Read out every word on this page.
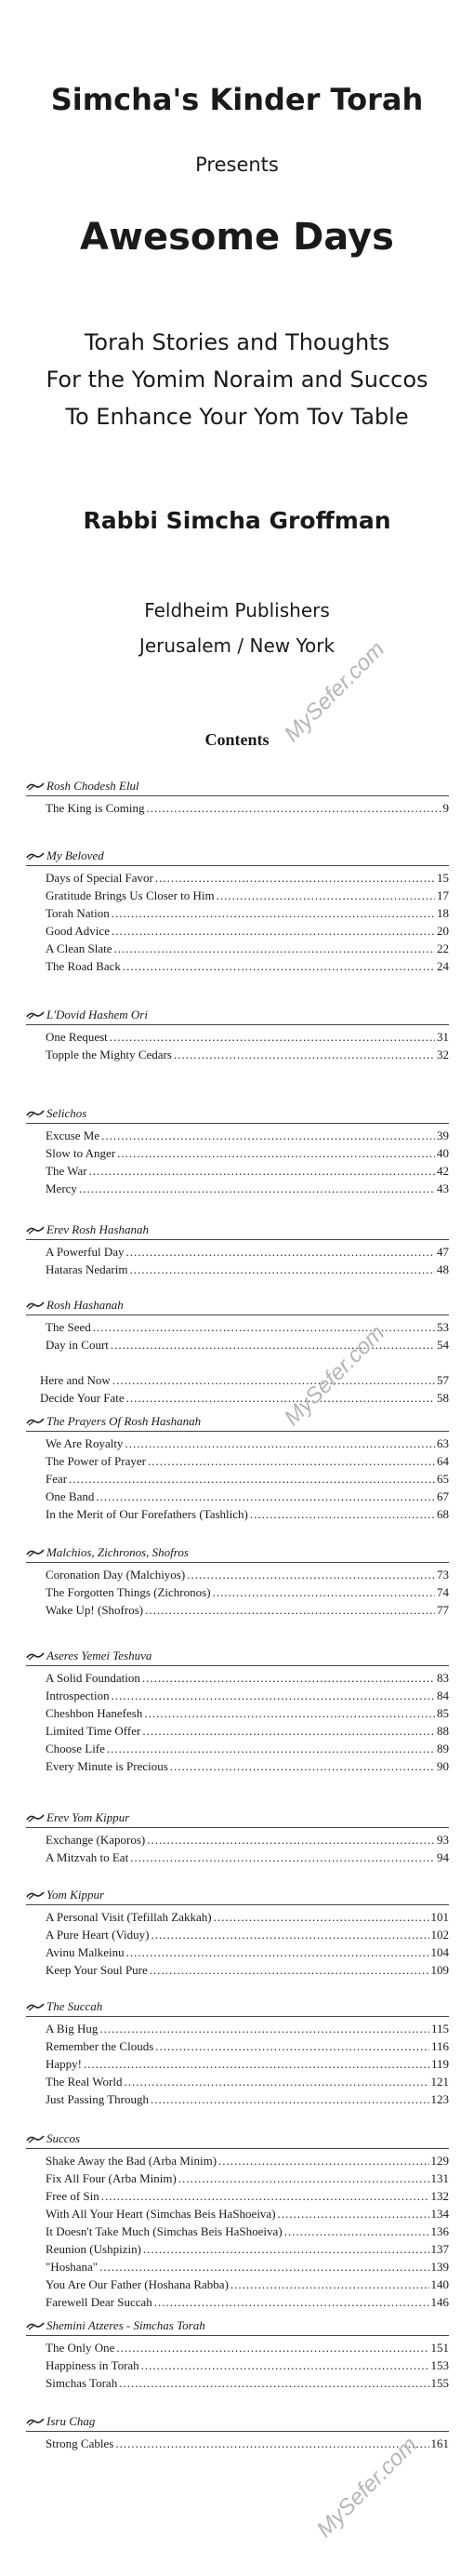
Simcha's Kinder Torah
Presents
Awesome Days
Torah Stories and Thoughts
For the Yomim Noraim and Succos
To Enhance Your Yom Tov Table
Rabbi Simcha Groffman
Feldheim Publishers
Jerusalem / New York
Contents
Rosh Chodesh Elul
The King is Coming .....	9
My Beloved
Days of Special Favor .....	15
Gratitude Brings Us Closer to Him .....	17
Torah Nation .....	18
Good Advice .....	20
A Clean Slate .....	22
The Road Back .....	24
L'Dovid Hashem Ori
One Request .....	31
Topple the Mighty Cedars .....	32
Selichos
Excuse Me .....	39
Slow to Anger .....	40
The War .....	42
Mercy .....	43
Erev Rosh Hashanah
A Powerful Day .....	47
Hataras Nedarim .....	48
Rosh Hashanah
The Seed .....	53
Day in Court .....	54
Here and Now .....	57
Decide Your Fate .....	58
The Prayers Of Rosh Hashanah
We Are Royalty .....	63
The Power of Prayer .....	64
Fear .....	65
One Band .....	67
In the Merit of Our Forefathers (Tashlich) .....	68
Malchios, Zichronos, Shofros
Coronation Day (Malchiyos) .....	73
The Forgotten Things (Zichronos) .....	74
Wake Up! (Shofros) .....	77
Aseres Yemei Teshuva
A Solid Foundation .....	83
Introspection .....	84
Cheshbon Hanefesh .....	85
Limited Time Offer .....	88
Choose Life .....	89
Every Minute is Precious .....	90
Erev Yom Kippur
Exchange (Kaporos) .....	93
A Mitzvah to Eat .....	94
Yom Kippur
A Personal Visit (Tefillah Zakkah) .....	101
A Pure Heart (Viduy) .....	102
Avinu Malkeinu .....	104
Keep Your Soul Pure .....	109
The Succah
A Big Hug .....	115
Remember the Clouds .....	116
Happy! .....	119
The Real World .....	121
Just Passing Through .....	123
Succos
Shake Away the Bad (Arba Minim) .....	129
Fix All Four (Arba Minim) .....	131
Free of Sin .....	132
With All Your Heart (Simchas Beis HaShoeiva) .....	134
It Doesn't Take Much (Simchas Beis HaShoeiva) .....	136
Reunion (Ushpizin) .....	137
"Hoshana" .....	139
You Are Our Father (Hoshana Rabba) .....	140
Farewell Dear Succah .....	146
Shemini Atzeres - Simchas Torah
The Only One .....	151
Happiness in Torah .....	153
Simchas Torah .....	155
Isru Chag
Strong Cables .....	161
MySefer.com
MySefer.com
MySefer.com
